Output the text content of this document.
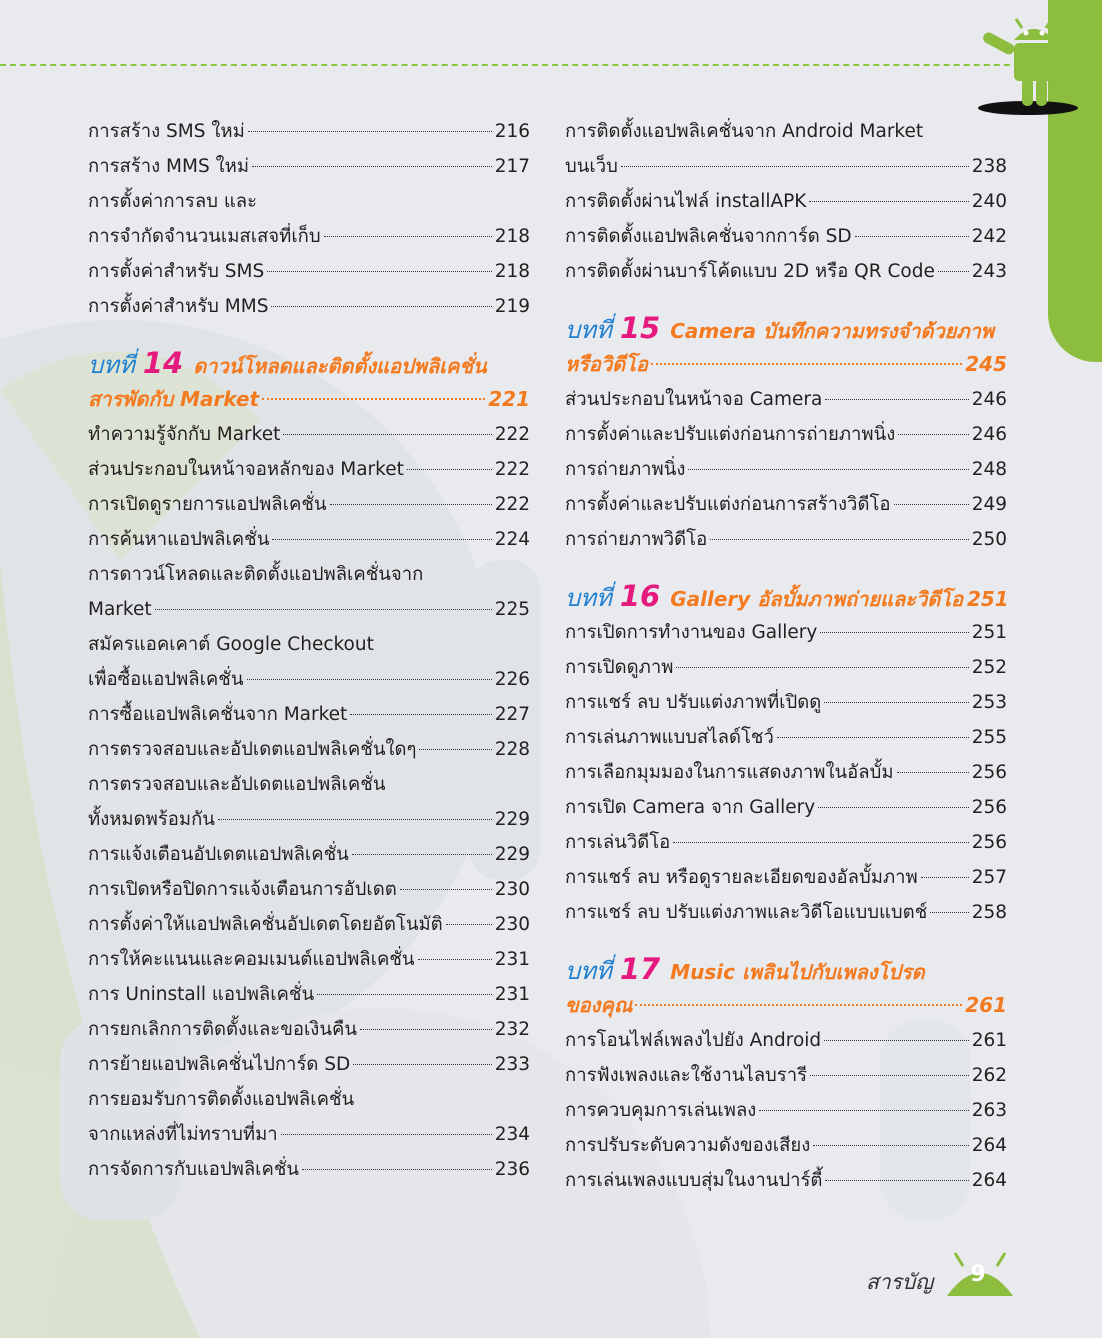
การสร้าง SMS ใหม่	216
การสร้าง MMS ใหม่	217
การตั้งค่าการลบ และ
การจำกัดจำนวนเมสเสจที่เก็บ	218
การตั้งค่าสำหรับ SMS	218
การตั้งค่าสำหรับ MMS	219
บทที่ 14 ดาวน์โหลดและติดตั้งแอปพลิเคชั่น
สารพัดกับ Market	221
ทำความรู้จักกับ Market	222
ส่วนประกอบในหน้าจอหลักของ Market	222
การเปิดดูรายการแอปพลิเคชั่น	222
การค้นหาแอปพลิเคชั่น	224
การดาวน์โหลดและติดตั้งแอปพลิเคชั่นจาก
Market	225
สมัครแอคเคาต์ Google Checkout
เพื่อซื้อแอปพลิเคชั่น	226
การซื้อแอปพลิเคชั่นจาก Market	227
การตรวจสอบและอัปเดตแอปพลิเคชั่นใดๆ	228
การตรวจสอบและอัปเดตแอปพลิเคชั่น
ทั้งหมดพร้อมกัน	229
การแจ้งเตือนอัปเดตแอปพลิเคชั่น	229
การเปิดหรือปิดการแจ้งเตือนการอัปเดต	230
การตั้งค่าให้แอปพลิเคชั่นอัปเดตโดยอัตโนมัติ	230
การให้คะแนนและคอมเมนต์แอปพลิเคชั่น	231
การ Uninstall แอปพลิเคชั่น	231
การยกเลิกการติดตั้งและขอเงินคืน	232
การย้ายแอปพลิเคชั่นไปการ์ด SD	233
การยอมรับการติดตั้งแอปพลิเคชั่น
จากแหล่งที่ไม่ทราบที่มา	234
การจัดการกับแอปพลิเคชั่น	236
การติดตั้งแอปพลิเคชั่นจาก Android Market
บนเว็บ	238
การติดตั้งผ่านไฟล์ installAPK	240
การติดตั้งแอปพลิเคชั่นจากการ์ด SD	242
การติดตั้งผ่านบาร์โค้ดแบบ 2D หรือ QR Code 243
บทที่ 15 Camera บันทึกความทรงจำด้วยภาพ
หรือวิดีโอ	245
ส่วนประกอบในหน้าจอ Camera	246
การตั้งค่าและปรับแต่งก่อนการถ่ายภาพนิ่ง	246
การถ่ายภาพนิ่ง	248
การตั้งค่าและปรับแต่งก่อนการสร้างวิดีโอ	249
การถ่ายภาพวิดีโอ	250
บทที่ 16 Gallery อัลบั้มภาพถ่ายและวิดีโอ 251
การเปิดการทำงานของ Gallery	251
การเปิดดูภาพ	252
การแชร์ ลบ ปรับแต่งภาพที่เปิดดู	253
การเล่นภาพแบบสไลด์โชว์	255
การเลือกมุมมองในการแสดงภาพในอัลบั้ม	256
การเปิด Camera จาก Gallery	256
การเล่นวิดีโอ	256
การแชร์ ลบ หรือดูรายละเอียดของอัลบั้มภาพ	257
การแชร์ ลบ ปรับแต่งภาพและวิดีโอแบบแบตช์ 258
บทที่ 17 Music เพลินไปกับเพลงโปรด
ของคุณ	261
การโอนไฟล์เพลงไปยัง Android	261
การฟังเพลงและใช้งานไลบรารี	262
การควบคุมการเล่นเพลง	263
การปรับระดับความดังของเสียง	264
การเล่นเพลงแบบสุ่มในงานปาร์ตี้	264
สารบัญ	9
